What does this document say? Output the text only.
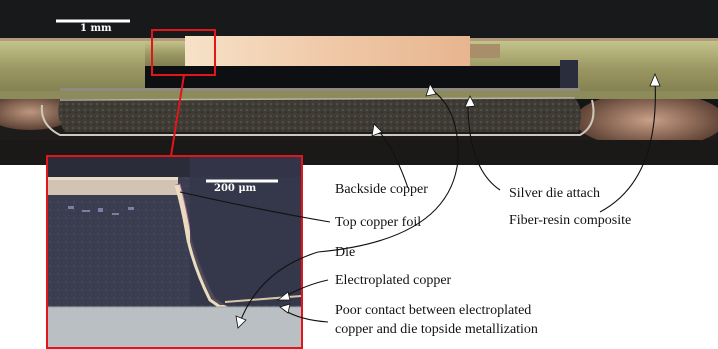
1 mm
200 μm	Backside copper	Silver die attach
Top copper foil	Fiber-resin composite
Die
Electroplated copper
Poor contact between electroplated
copper and die topside metallization
